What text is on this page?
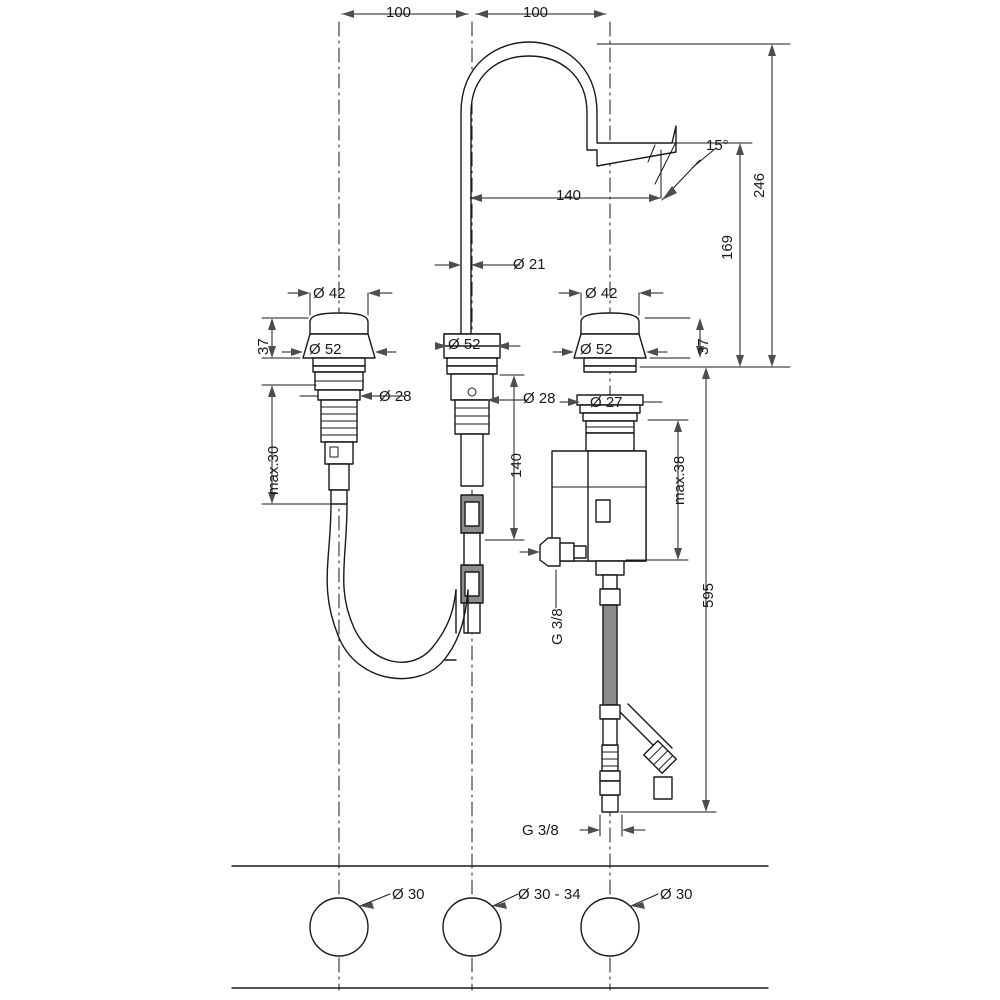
100	100
140
15°
246
169
Ø 21
Ø 42	Ø 42
Ø 52	Ø 52	Ø 52
37	37
Ø 28	Ø 28 Ø 27
max.30	max.38
140
595
G 3/8
G 3/8
Ø 30	Ø 30 - 34	Ø 30
